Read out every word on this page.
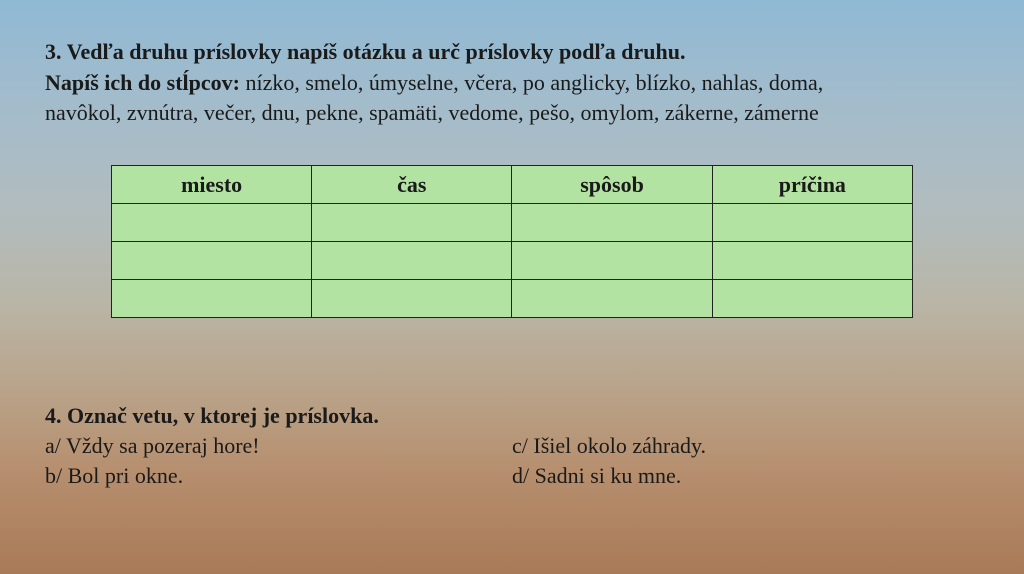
3. Vedľa druhu príslovky napíš otázku a urč príslovky podľa druhu.
Napíš ich do stĺpcov: nízko, smelo, úmyselne, včera, po anglicky, blízko, nahlas, doma,
navôkol, zvnútra, večer, dnu, pekne, spamäti, vedome, pešo, omylom, zákerne, zámerne
miesto	čas	spôsob	príčina

4. Označ vetu, v ktorej je príslovka.
a/ Vždy sa pozeraj hore!
b/ Bol pri okne.
c/ Išiel okolo záhrady.
d/ Sadni si ku mne.
